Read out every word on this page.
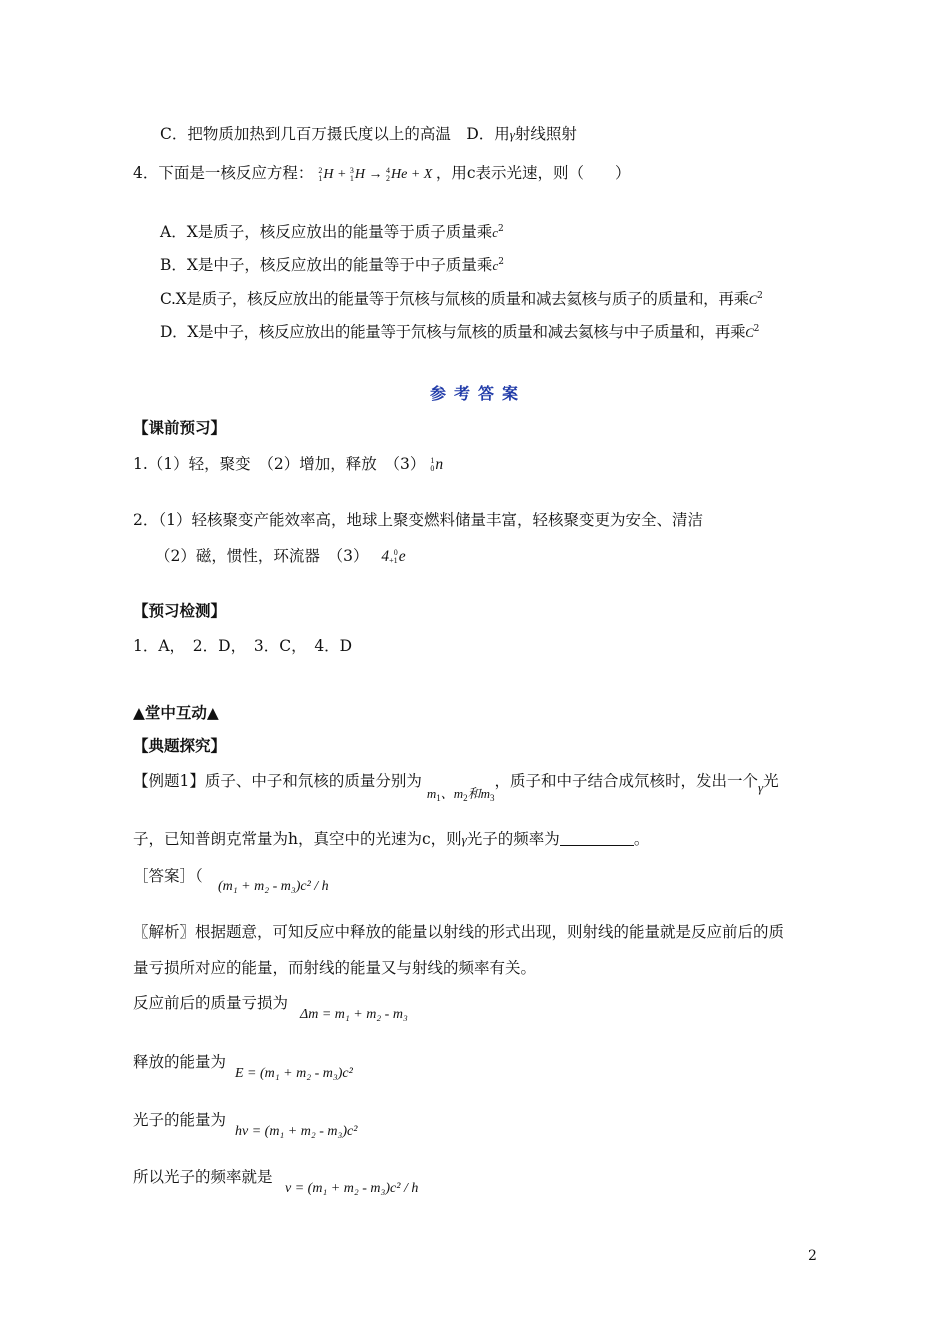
C．把物质加热到几百万摄氏度以上的高温　D．用γ射线照射
4．下面是一核反应方程： 2
1 H + 3
1 H → 4
2 He + X ，用c表示光速，则（　　）
A．X是质子，核反应放出的能量等于质子质量乘$c^2$
B．X是中子，核反应放出的能量等于中子质量乘$c^2$
C.X是质子，核反应放出的能量等于氘核与氚核的质量和减去氦核与质子的质量和，再乘$C^2$
D．X是中子，核反应放出的能量等于氘核与氚核的质量和减去氦核与中子质量和，再乘$C^2$
参考答案
【课前预习】
1.（1）轻，聚变　（2）增加，释放　（3） 1
0 n
2．（1）轻核聚变产能效率高，地球上聚变燃料储量丰富，轻核聚变更为安全、清洁
（2）磁，惯性，环流器　（3） 4 0
+1 e
【预习检测】
1．A，　2．D，　3．C，　4．D
▲堂中互动▲
【典题探究】
【例题1】质子、中子和氘核的质量分别为 $_{m_1、m_2和m_3}$，质子和中子结合成氘核时，发出一个$_\gamma$光
子，已知普朗克常量为h，真空中的光速为c，则γ光子的频率为	。
［答案］（
(m₁ + m₂ - m₃)c² / h
〖解析〗根据题意，可知反应中释放的能量以射线的形式出现，则射线的能量就是反应前后的质
量亏损所对应的能量，而射线的能量又与射线的频率有关。
反应前后的质量亏损为
Δm = m₁ + m₂ - m₃
释放的能量为
E = (m₁ + m₂ - m₃)c²
光子的能量为
hv = (m₁ + m₂ - m₃)c²
所以光子的频率就是
v = (m₁ + m₂ - m₃)c² / h
2
